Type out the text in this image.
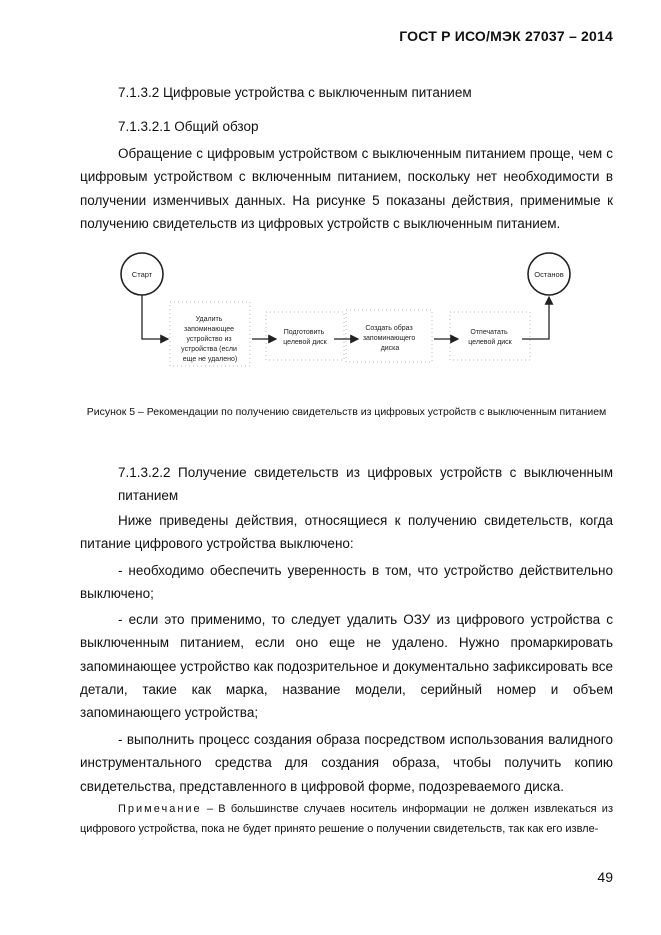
ГОСТ Р ИСО/МЭК 27037 – 2014
7.1.3.2 Цифровые устройства с выключенным питанием
7.1.3.2.1 Общий обзор
Обращение с цифровым устройством с выключенным питанием проще, чем с цифровым устройством с включенным питанием, поскольку нет необходимости в получении изменчивых данных. На рисунке 5 показаны действия, применимые к получению свидетельств из цифровых устройств с выключенным питанием.
Старт	Останов
Удалить запоминающее устройство из устройства (если еще не удалено)
Подготовить целевой диск
Создать образ запоминающего диска
Отпечатать целевой диск
Рисунок 5 – Рекомендации по получению свидетельств из цифровых устройств с выключенным питанием
7.1.3.2.2 Получение свидетельств из цифровых устройств с выключенным питанием
Ниже приведены действия, относящиеся к получению свидетельств, когда питание цифрового устройства выключено:
- необходимо обеспечить уверенность в том, что устройство действительно выключено;
- если это применимо, то следует удалить ОЗУ из цифрового устройства с выключенным питанием, если оно еще не удалено. Нужно промаркировать запоминающее устройство как подозрительное и документально зафиксировать все детали, такие как марка, название модели, серийный номер и объем запоминающего устройства;
- выполнить процесс создания образа посредством использования валидного инструментального средства для создания образа, чтобы получить копию свидетельства, представленного в цифровой форме, подозреваемого диска.
Примечание – В большинстве случаев носитель информации не должен извлекаться из цифрового устройства, пока не будет принято решение о получении свидетельств, так как его извле-
49
